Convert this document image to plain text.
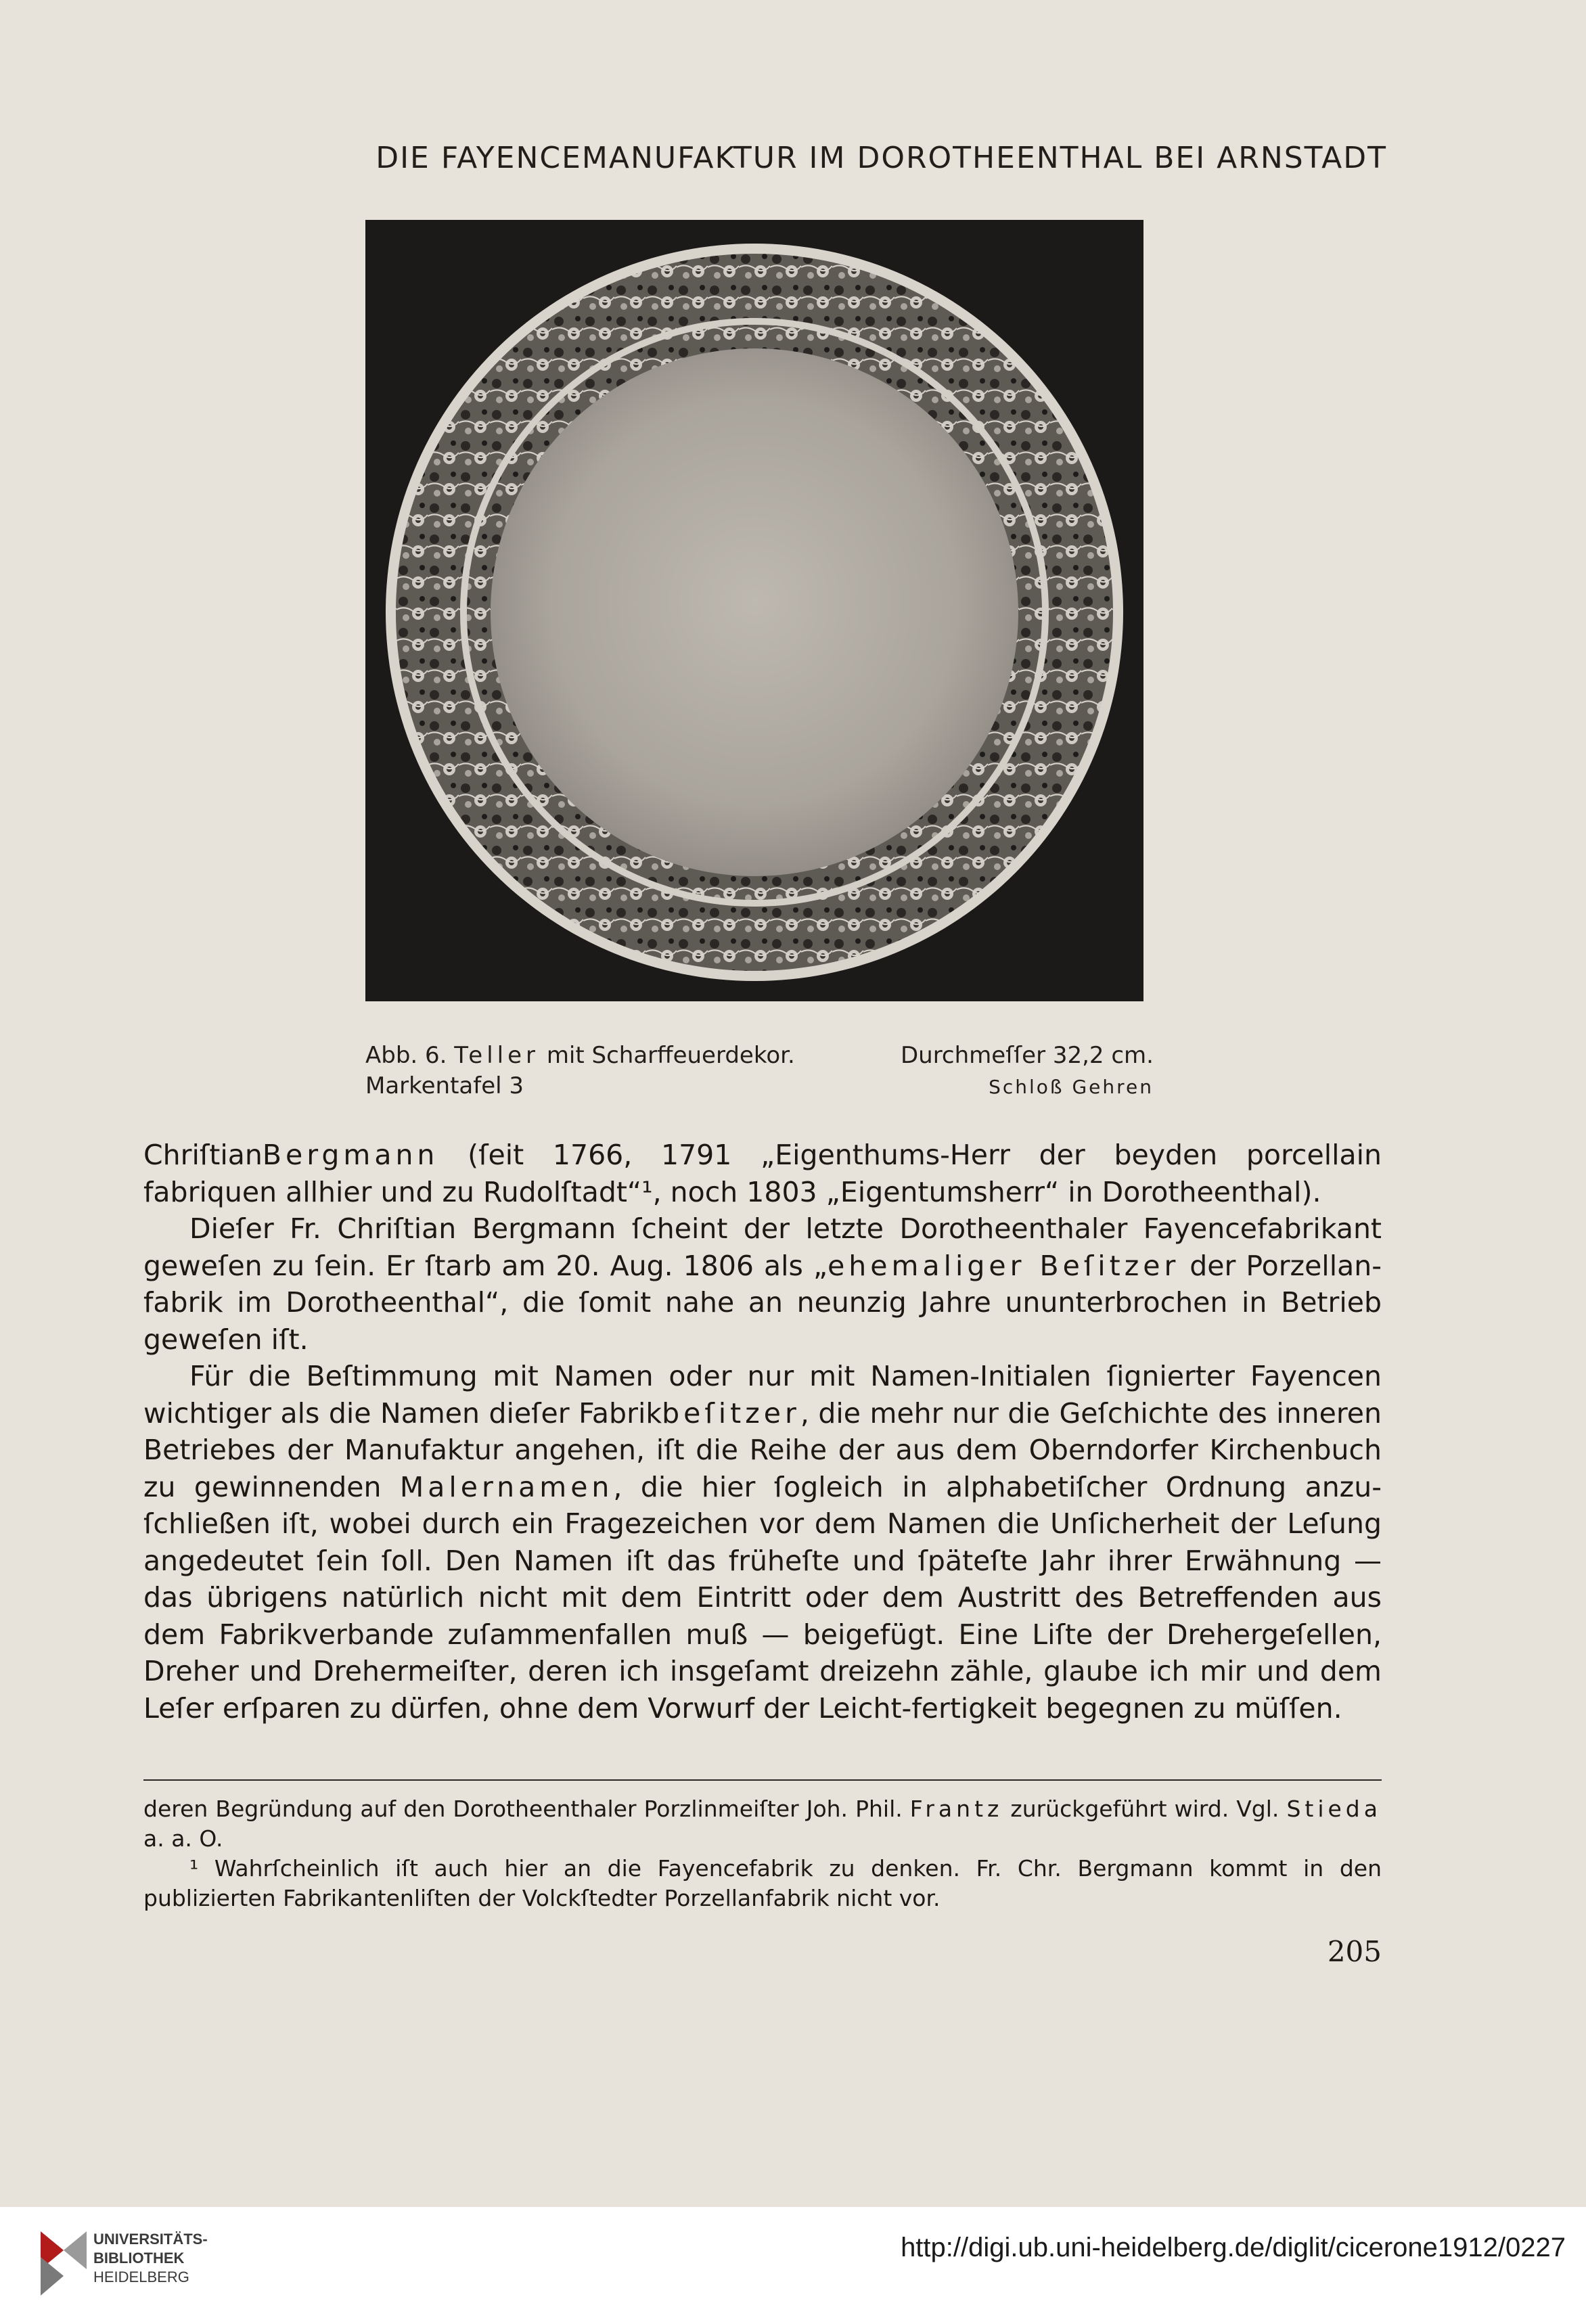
DIE FAYENCEMANUFAKTUR IM DOROTHEENTHAL BEI ARNSTADT
Abb. 6. Teller mit Scharffeuerdekor.	Durchmeſſer 32,2 cm.
Markentafel 3	Schloß Gehren

ChriſtianBergmann (ſeit 1766, 1791 „Eigenthums-Herr der beyden porcellain fabriquen allhier und zu Rudolſtadt“¹, noch 1803 „Eigentumsherr“ in Dorotheenthal).

Dieſer Fr. Chriſtian Bergmann ſcheint der letzte Dorotheenthaler Fayencefabrikant geweſen zu ſein. Er ſtarb am 20. Aug. 1806 als „ehemaliger Beſitzer der Porzellan-fabrik im Dorotheenthal“, die ſomit nahe an neunzig Jahre ununterbrochen in Betrieb geweſen iſt.

Für die Beſtimmung mit Namen oder nur mit Namen-Initialen ſignierter Fayencen wichtiger als die Namen dieſer Fabrikbeſitzer, die mehr nur die Geſchichte des inneren Betriebes der Manufaktur angehen, iſt die Reihe der aus dem Oberndorfer Kirchenbuch zu gewinnenden Malernamen, die hier ſogleich in alphabetiſcher Ordnung anzu-ſchließen iſt, wobei durch ein Fragezeichen vor dem Namen die Unſicherheit der Leſung angedeutet ſein ſoll. Den Namen iſt das früheſte und ſpäteſte Jahr ihrer Erwähnung — das übrigens natürlich nicht mit dem Eintritt oder dem Austritt des Betreffenden aus dem Fabrikverbande zuſammenfallen muß — beigefügt. Eine Liſte der Drehergeſellen, Dreher und Drehermeiſter, deren ich insgeſamt dreizehn zähle, glaube ich mir und dem Leſer erſparen zu dürfen, ohne dem Vorwurf der Leicht-fertigkeit begegnen zu müſſen.

deren Begründung auf den Dorotheenthaler Porzlinmeiſter Joh. Phil. Frantz zurückgeführt wird. Vgl. Stieda a. a. O.

¹ Wahrſcheinlich iſt auch hier an die Fayencefabrik zu denken. Fr. Chr. Bergmann kommt in den publizierten Fabrikantenliſten der Volckſtedter Porzellanfabrik nicht vor.

205
UNIVERSITÄTS-
BIBLIOTHEK
HEIDELBERG
http://digi.ub.uni-heidelberg.de/diglit/cicerone1912/0227
